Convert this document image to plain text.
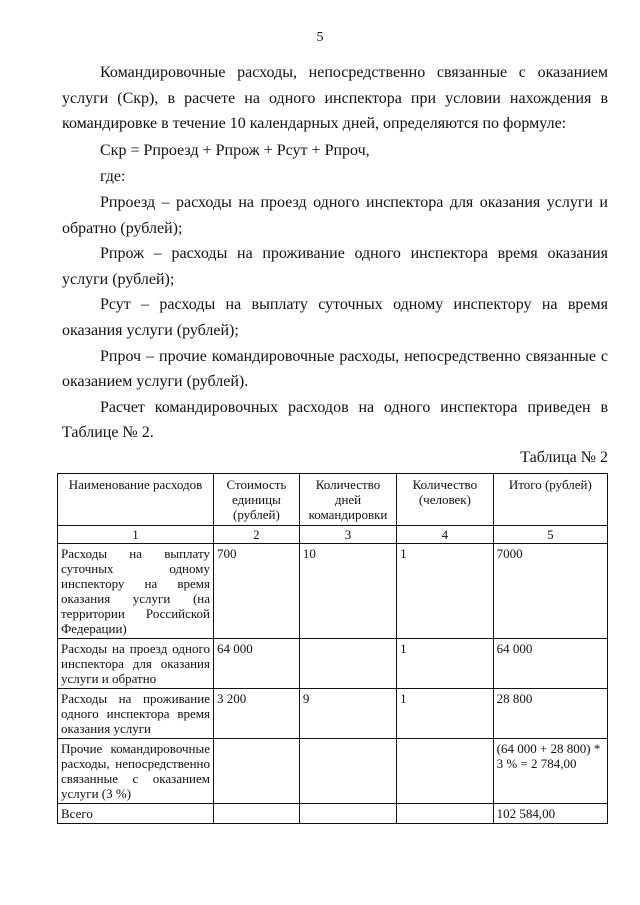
5

Командировочные расходы, непосредственно связанные с оказанием услуги (Скр), в расчете на одного инспектора при условии нахождения в командировке в течение 10 календарных дней, определяются по формуле:

Скр = Рпроезд + Рпрож + Рсут + Рпроч,

где:

Рпроезд – расходы на проезд одного инспектора для оказания услуги и обратно (рублей);

Рпрож – расходы на проживание одного инспектора время оказания услуги (рублей);

Рсут – расходы на выплату суточных одному инспектору на время оказания услуги (рублей);

Рпроч – прочие командировочные расходы, непосредственно связанные с оказанием услуги (рублей).

Расчет командировочных расходов на одного инспектора приведен в Таблице № 2.

Таблица № 2
Наименование расходов	Стоимость единицы (рублей)	Количество дней командировки	Количество (человек)	Итого (рублей)
1	2	3	4	5
Расходы на выплату суточных одному инспектору на время оказания услуги (на территории Российской Федерации)	700	10	1	7000
Расходы на проезд одного инспектора для оказания услуги и обратно	64 000		1	64 000
Расходы на проживание одного инспектора время оказания услуги	3 200	9	1	28 800
Прочие командировочные расходы, непосредственно связанные с оказанием услуги (3 %)				(64 000 + 28 800) * 3 % = 2 784,00
Всего				102 584,00
